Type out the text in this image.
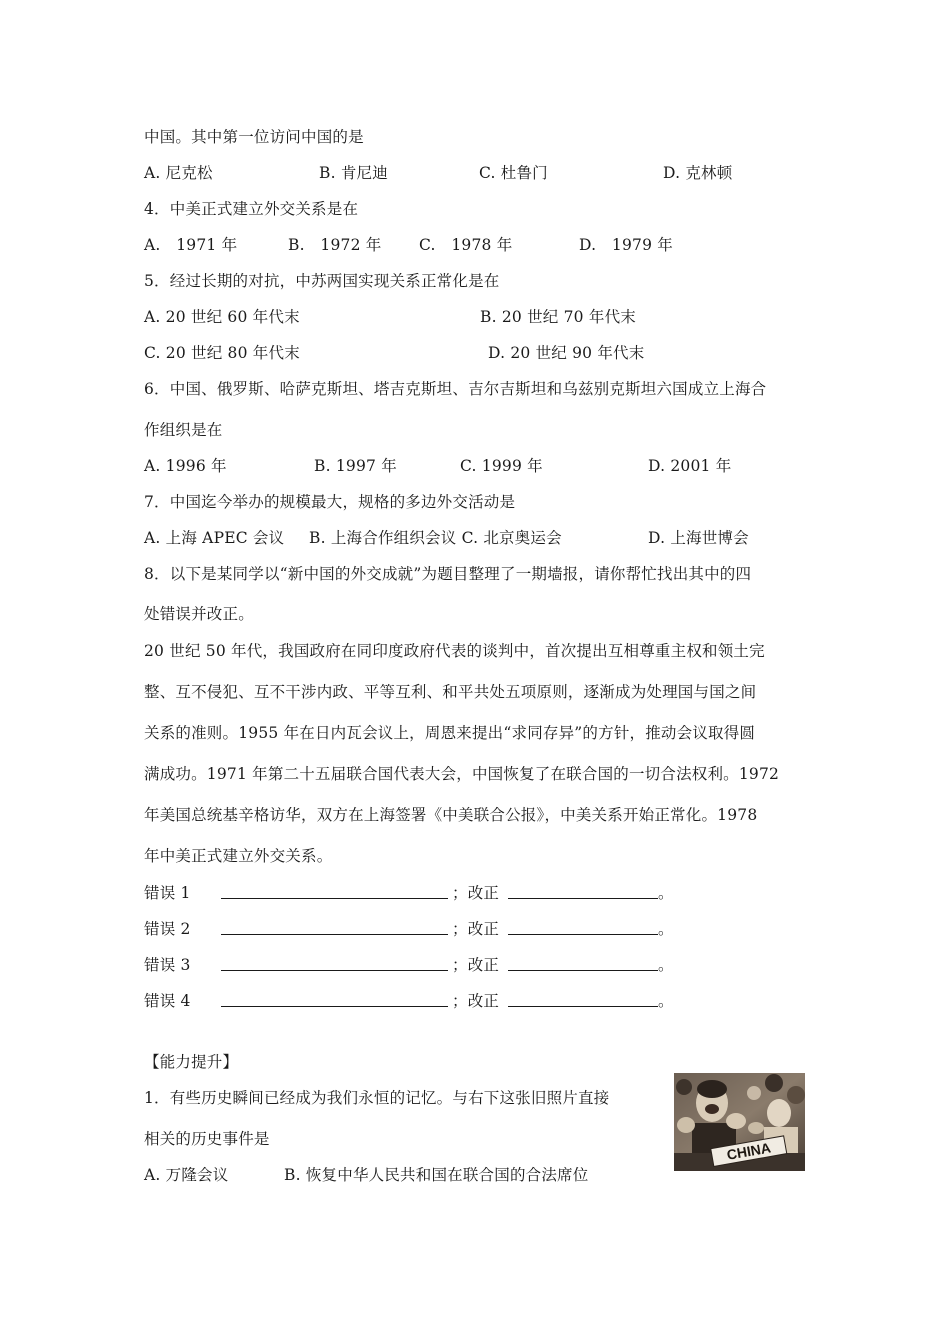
中国。其中第一位访问中国的是
A. 尼克松	B. 肯尼迪	C. 杜鲁门	D. 克林顿
4．中美正式建立外交关系是在
A.　1971 年	B.　1972 年 C.　1978 年	D.　1979 年
5．经过长期的对抗，中苏两国实现关系正常化是在
A. 20 世纪 60 年代末	B. 20 世纪 70 年代末
C. 20 世纪 80 年代末	D. 20 世纪 90 年代末
6．中国、俄罗斯、哈萨克斯坦、塔吉克斯坦、吉尔吉斯坦和乌兹别克斯坦六国成立上海合
作组织是在
A. 1996 年	B. 1997 年	C. 1999 年	D. 2001 年
7．中国迄今举办的规模最大，规格的多边外交活动是
A. 上海 APEC 会议 B. 上海合作组织会议 C. 北京奥运会	D. 上海世博会
8．以下是某同学以“新中国的外交成就”为题目整理了一期墙报，请你帮忙找出其中的四
处错误并改正。
20 世纪 50 年代，我国政府在同印度政府代表的谈判中，首次提出互相尊重主权和领土完
整、互不侵犯、互不干涉内政、平等互利、和平共处五项原则，逐渐成为处理国与国之间
关系的准则。1955 年在日内瓦会议上，周恩来提出“求同存异”的方针，推动会议取得圆
满成功。1971 年第二十五届联合国代表大会，中国恢复了在联合国的一切合法权利。1972
年美国总统基辛格访华，双方在上海签署《中美联合公报》，中美关系开始正常化。1978
年中美正式建立外交关系。
错误 1	；改正	。
错误 2	；改正	。
错误 3	；改正	。
错误 4	；改正	。
【能力提升】
1．有些历史瞬间已经成为我们永恒的记忆。与右下这张旧照片直接
相关的历史事件是
A. 万隆会议	B. 恢复中华人民共和国在联合国的合法席位
CHINA
